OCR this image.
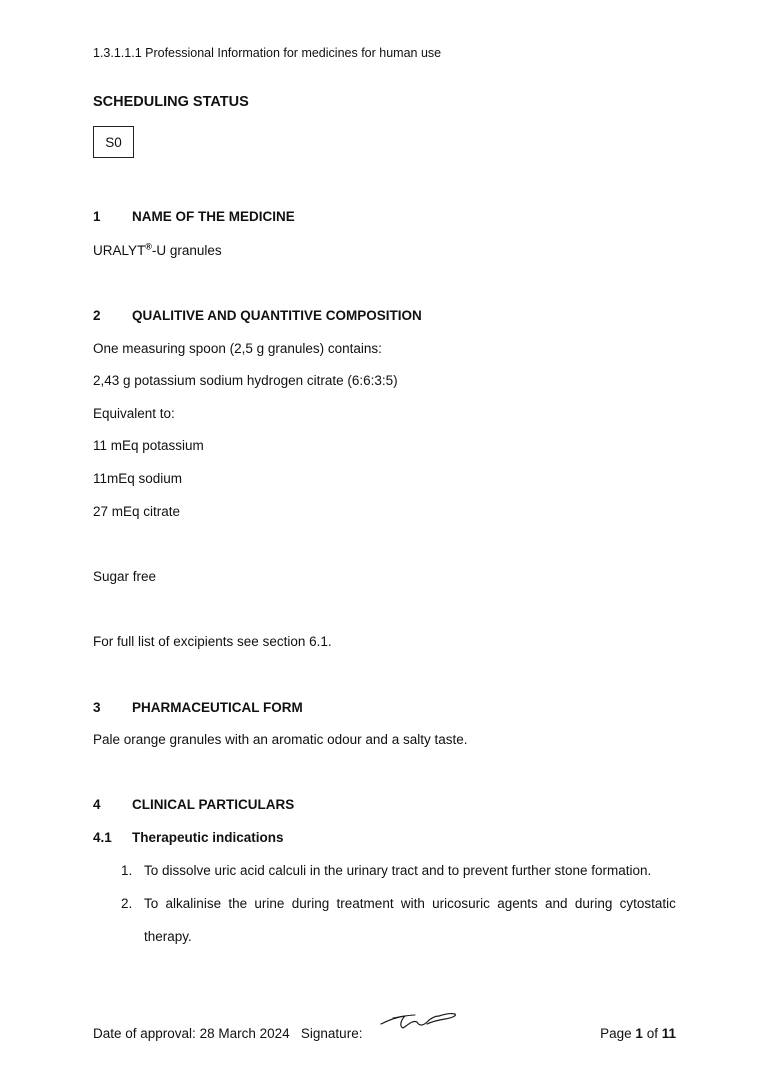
1.3.1.1.1 Professional Information for medicines for human use
SCHEDULING STATUS
S0
1 NAME OF THE MEDICINE
URALYT®-U granules
2 QUALITIVE AND QUANTITIVE COMPOSITION
One measuring spoon (2,5 g granules) contains:
2,43 g potassium sodium hydrogen citrate (6:6:3:5)
Equivalent to:
11 mEq potassium
11mEq sodium
27 mEq citrate
Sugar free
For full list of excipients see section 6.1.
3 PHARMACEUTICAL FORM
Pale orange granules with an aromatic odour and a salty taste.
4 CLINICAL PARTICULARS
4.1 Therapeutic indications
1. To dissolve uric acid calculi in the urinary tract and to prevent further stone formation.
2. To alkalinise the urine during treatment with uricosuric agents and during cytostatic
therapy.
Date of approval: 28 March 2024 Signature:	Page 1 of 11
